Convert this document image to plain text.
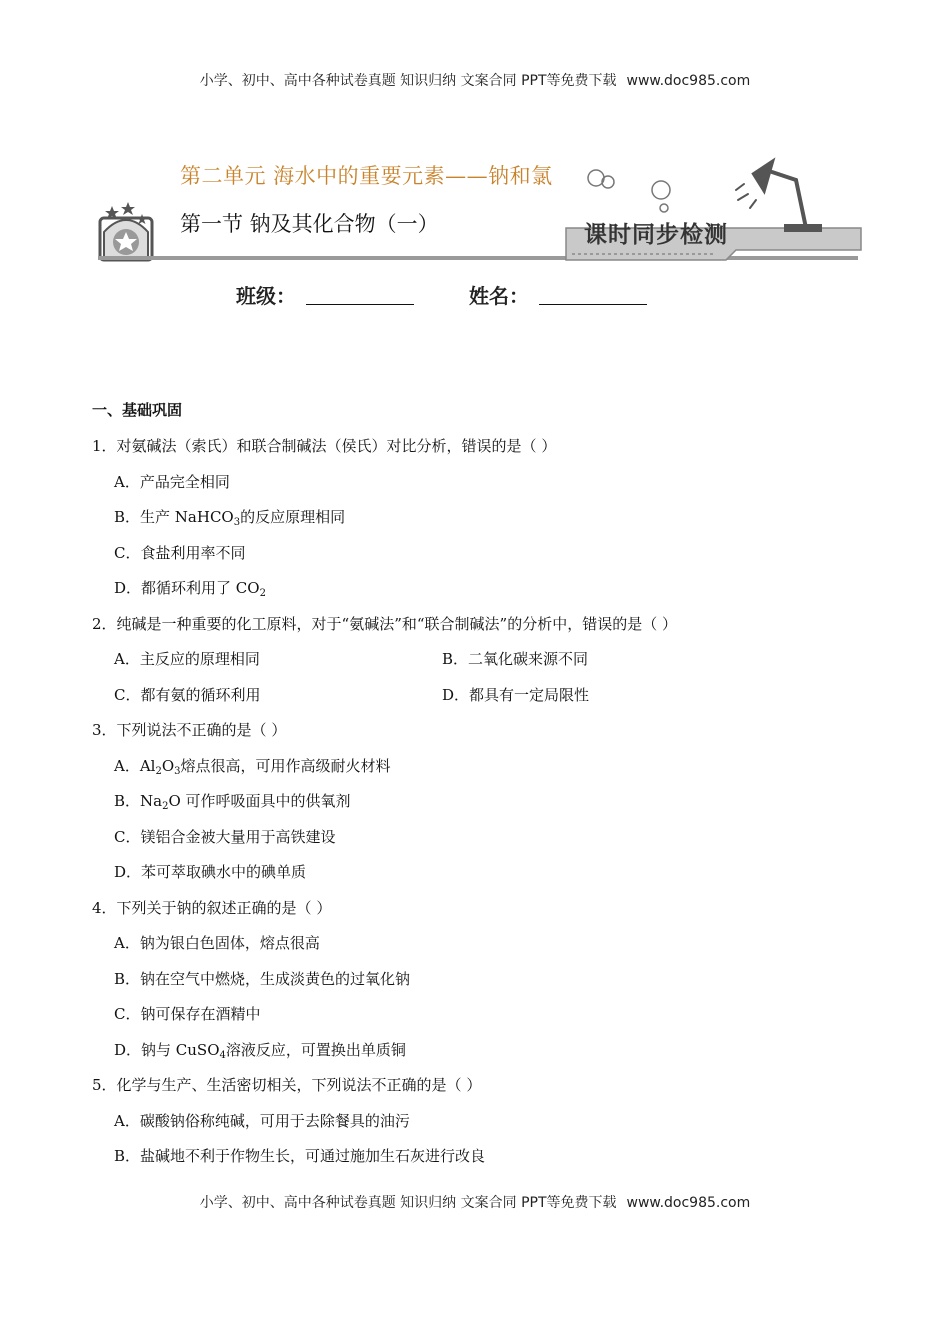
小学、初中、高中各种试卷真题 知识归纳 文案合同 PPT等免费下载 www.doc985.com
第二单元 海水中的重要元素——钠和氯
第一节 钠及其化合物（一）	课时同步检测
班级：	姓名：
一、基础巩固
1．对氨碱法（索氏）和联合制碱法（侯氏）对比分析，错误的是（ ）
A．产品完全相同
B．生产 NaHCO$_3$的反应原理相同
C．食盐利用率不同
D．都循环利用了 $CO_2$
2．纯碱是一种重要的化工原料，对于“氨碱法”和“联合制碱法”的分析中，错误的是（ ）
A．主反应的原理相同	B．二氧化碳来源不同
C．都有氨的循环利用	D．都具有一定局限性
3．下列说法不正确的是（ ）
A．$Al_2O_3$熔点很高，可用作高级耐火材料
B．$Na_2O$ 可作呼吸面具中的供氧剂
C．镁铝合金被大量用于高铁建设
D．苯可萃取碘水中的碘单质
4．下列关于钠的叙述正确的是（ ）
A．钠为银白色固体，熔点很高
B．钠在空气中燃烧，生成淡黄色的过氧化钠
C．钠可保存在酒精中
D．钠与 CuSO$_4$溶液反应，可置换出单质铜
5．化学与生产、生活密切相关，下列说法不正确的是（ ）
A．碳酸钠俗称纯碱，可用于去除餐具的油污
B．盐碱地不利于作物生长，可通过施加生石灰进行改良
小学、初中、高中各种试卷真题 知识归纳 文案合同 PPT等免费下载 www.doc985.com
